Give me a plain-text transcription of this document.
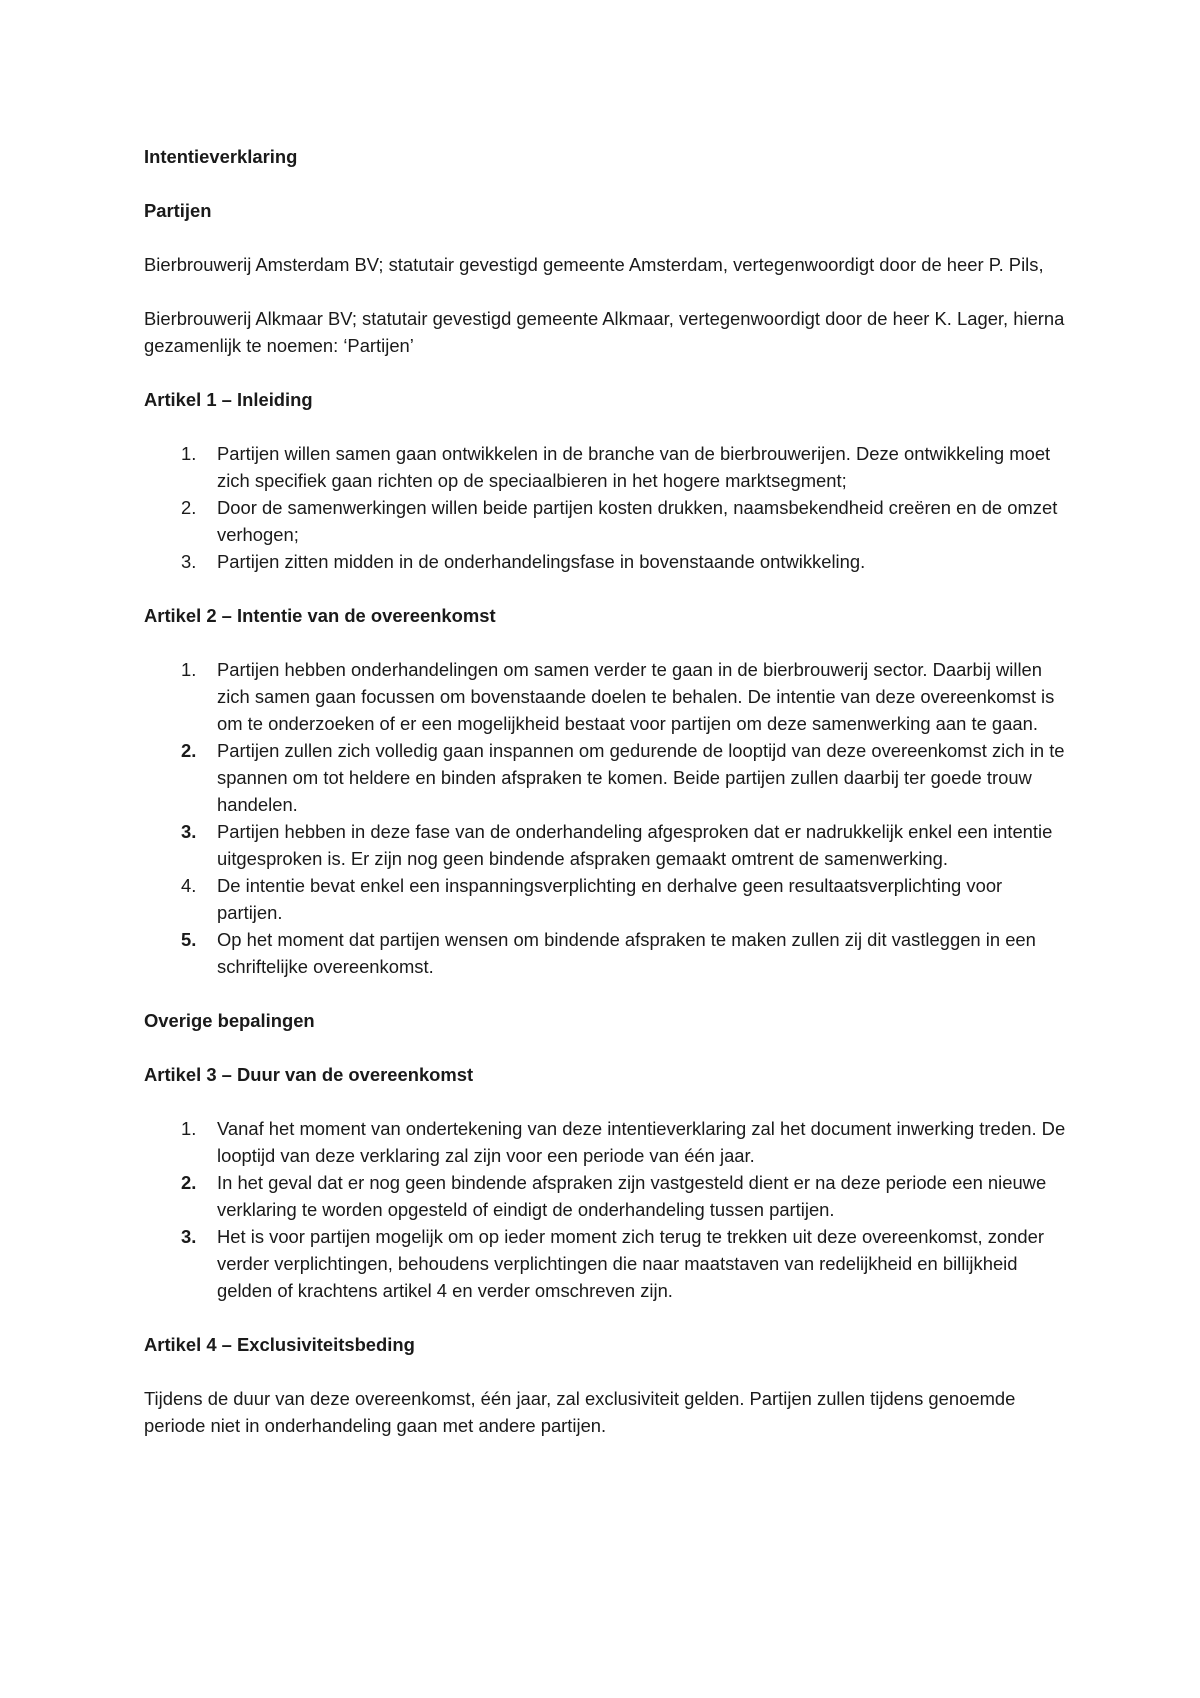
Intentieverklaring
Partijen

Bierbrouwerij Amsterdam BV; statutair gevestigd gemeente Amsterdam, vertegenwoordigt door de heer P. Pils,

Bierbrouwerij Alkmaar BV; statutair gevestigd gemeente Alkmaar, vertegenwoordigt door de heer K. Lager, hierna gezamenlijk te noemen: ‘Partijen’

Artikel 1 – Inleiding
1. Partijen willen samen gaan ontwikkelen in de branche van de bierbrouwerijen. Deze ontwikkeling moet zich specifiek gaan richten op de speciaalbieren in het hogere marktsegment;
2. Door de samenwerkingen willen beide partijen kosten drukken, naamsbekendheid creëren en de omzet verhogen;
3. Partijen zitten midden in de onderhandelingsfase in bovenstaande ontwikkeling.
Artikel 2 – Intentie van de overeenkomst
1. Partijen hebben onderhandelingen om samen verder te gaan in de bierbrouwerij sector. Daarbij willen zich samen gaan focussen om bovenstaande doelen te behalen. De intentie van deze overeenkomst is om te onderzoeken of er een mogelijkheid bestaat voor partijen om deze samenwerking aan te gaan.
2. Partijen zullen zich volledig gaan inspannen om gedurende de looptijd van deze overeenkomst zich in te spannen om tot heldere en binden afspraken te komen. Beide partijen zullen daarbij ter goede trouw handelen.
3. Partijen hebben in deze fase van de onderhandeling afgesproken dat er nadrukkelijk enkel een intentie uitgesproken is. Er zijn nog geen bindende afspraken gemaakt omtrent de samenwerking.
4. De intentie bevat enkel een inspanningsverplichting en derhalve geen resultaatsverplichting voor partijen.
5. Op het moment dat partijen wensen om bindende afspraken te maken zullen zij dit vastleggen in een schriftelijke overeenkomst.
Overige bepalingen
Artikel 3 – Duur van de overeenkomst
1. Vanaf het moment van ondertekening van deze intentieverklaring zal het document inwerking treden. De looptijd van deze verklaring zal zijn voor een periode van één jaar.
2. In het geval dat er nog geen bindende afspraken zijn vastgesteld dient er na deze periode een nieuwe verklaring te worden opgesteld of eindigt de onderhandeling tussen partijen.
3. Het is voor partijen mogelijk om op ieder moment zich terug te trekken uit deze overeenkomst, zonder verder verplichtingen, behoudens verplichtingen die naar maatstaven van redelijkheid en billijkheid gelden of krachtens artikel 4 en verder omschreven zijn.
Artikel 4 – Exclusiviteitsbeding

Tijdens de duur van deze overeenkomst, één jaar, zal exclusiviteit gelden. Partijen zullen tijdens genoemde periode niet in onderhandeling gaan met andere partijen.
